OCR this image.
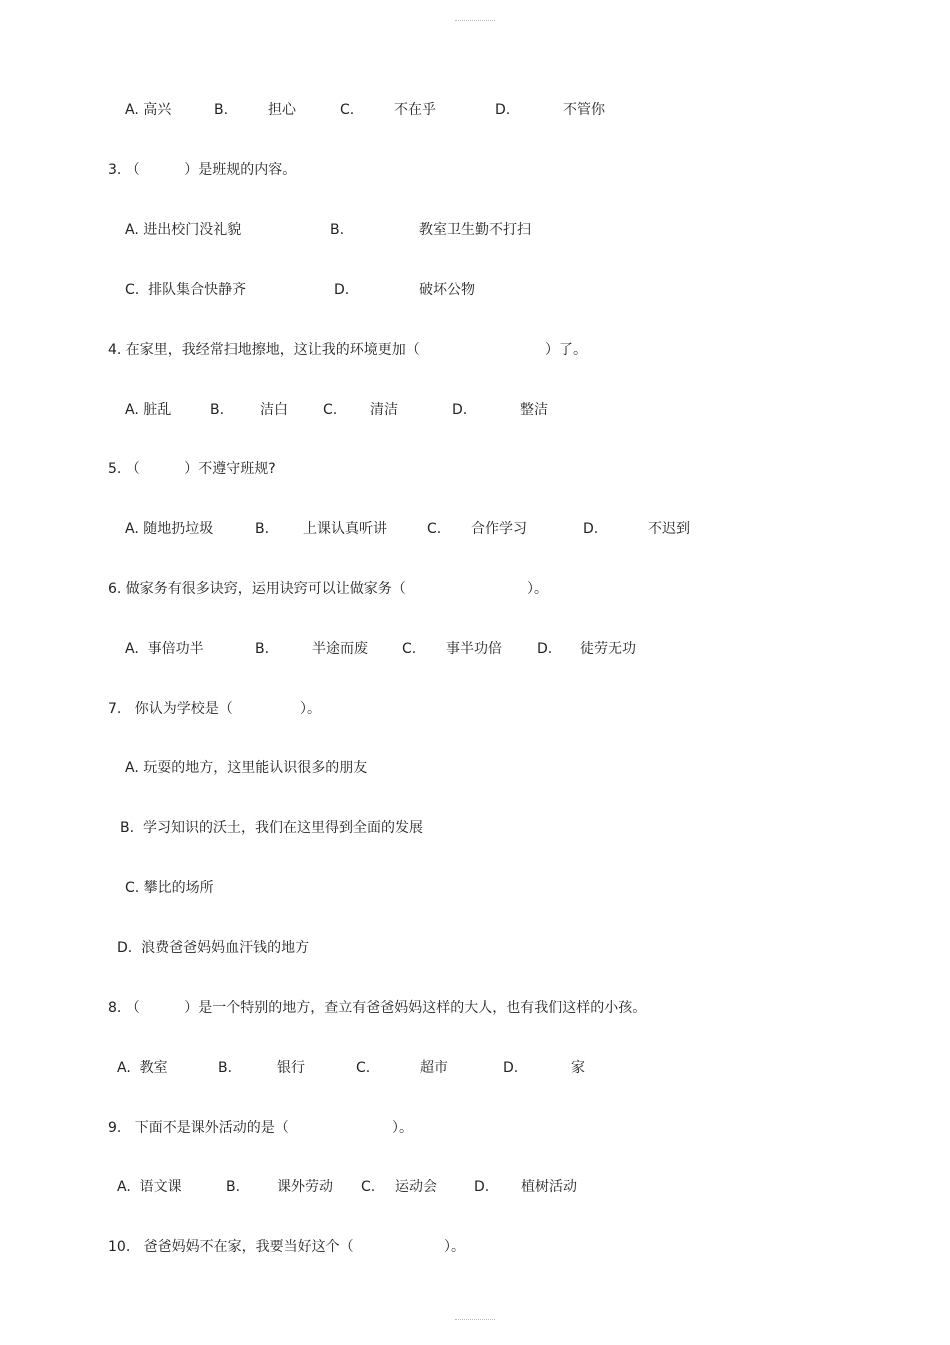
A. 高兴	B.	担心	C.	不在乎	D.	不管你
3. （          ）是班规的内容。
A. 进出校门没礼貌	B.	教室卫生勤不打扫
C.  排队集合快静齐	D.	破坏公物
4. 在家里，我经常扫地擦地，这让我的环境更加（	）了。
A. 脏乱	B.	洁白	C. 清洁	D.	整洁
5. （          ）不遵守班规?
A. 随地扔垃圾	B. 上课认真听讲	C. 合作学习	D.	不迟到
6. 做家务有很多诀窍，运用诀窍可以让做家务（	）。
A.  事倍功半	B.	半途而废 C. 事半功倍	D. 徒劳无功
7.   你认为学校是（	）。
A. 玩耍的地方，这里能认识很多的朋友
B.  学习知识的沃土，我们在这里得到全面的发展
C. 攀比的场所
D.  浪费爸爸妈妈血汗钱的地方
8. （          ）是一个特别的地方，查立有爸爸妈妈这样的大人，也有我们这样的小孩。
A.  教室	B.	银行	C.	超市	D.	家
9.   下面不是课外活动的是（	）。
A.  语文课	B.	课外劳动 C. 运动会	D. 植树活动
10.   爸爸妈妈不在家，我要当好这个（	）。
